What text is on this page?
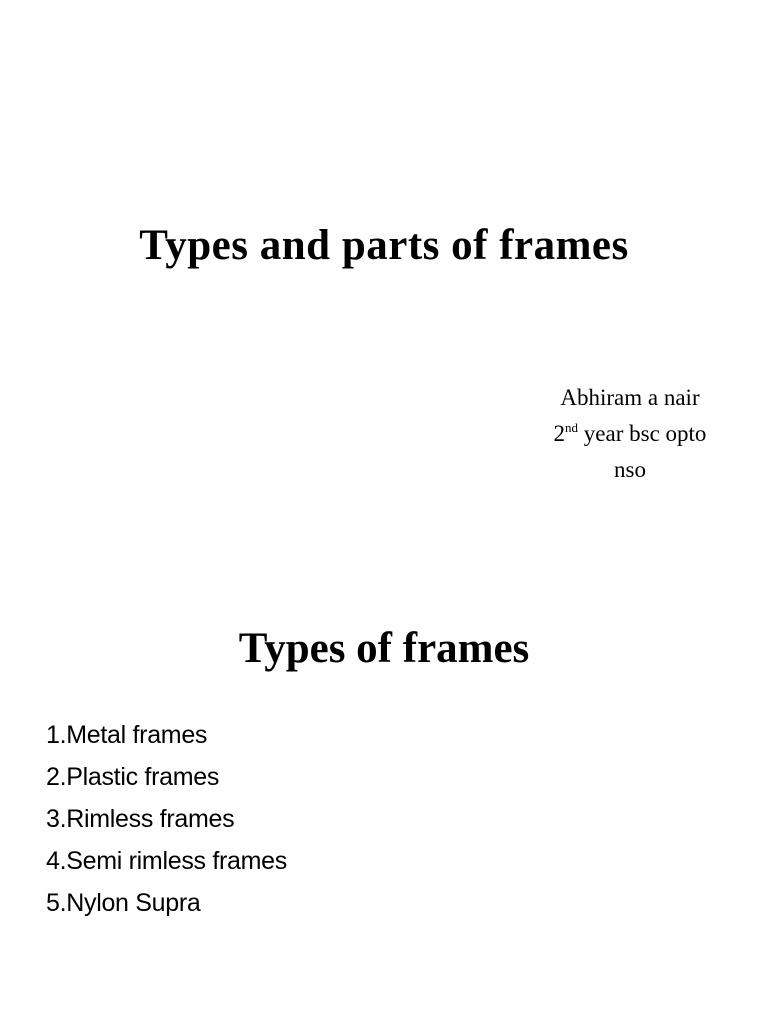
Types and parts of frames
Abhiram a nair
2nd year bsc opto
nso
Types of frames
1.Metal frames
2.Plastic frames
3.Rimless frames
4.Semi rimless frames
5.Nylon Supra
